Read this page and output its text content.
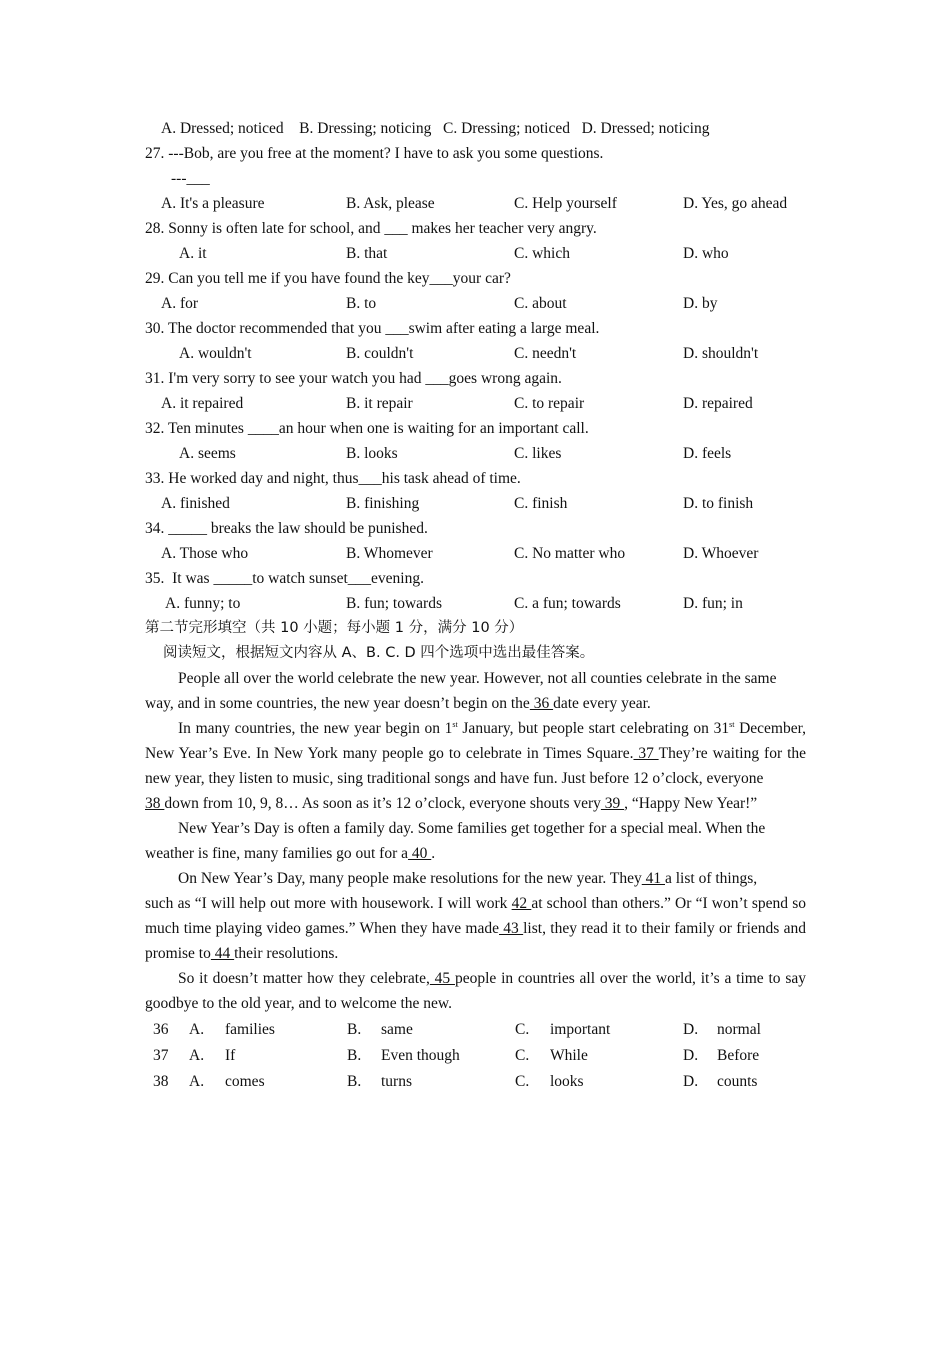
A. Dressed; noticed    B. Dressing; noticing   C. Dressing; noticed   D. Dressed; noticing
27. ---Bob, are you free at the moment? I have to ask you some questions.
---___
A. It's a pleasure	B. Ask, please	C. Help yourself	D. Yes, go ahead
28. Sonny is often late for school, and ___ makes her teacher very angry.
A. it	B. that	C. which	D. who
29. Can you tell me if you have found the key___your car?
A. for	B. to	C. about	D. by
30. The doctor recommended that you ___swim after eating a large meal.
A. wouldn't	B. couldn't	C. needn't	D. shouldn't
31. I'm very sorry to see your watch you had ___goes wrong again.
A. it repaired	B. it repair	C. to repair	D. repaired
32. Ten minutes ____an hour when one is waiting for an important call.
A. seems	B. looks	C. likes	D. feels
33. He worked day and night, thus___his task ahead of time.
A. finished	B. finishing	C. finish	D. to finish
34. _____ breaks the law should be punished.
A. Those who	B. Whomever	C. No matter who	D. Whoever
35.  It was _____to watch sunset___evening.
A. funny; to	B. fun; towards	C. a fun; towards	D. fun; in
第二节完形填空（共 10 小题；每小题 1 分，满分 10 分）
阅读短文，根据短文内容从 A、B. C. D 四个选项中选出最佳答案。
People all over the world celebrate the new year. However, not all counties celebrate in the same
way, and in some countries, the new year doesn’t begin on the 36 date every year.
In many countries, the new year begin on 1st January, but people start celebrating on 31st December, New Year’s Eve. In New York many people go to celebrate in Times Square. 37 They’re waiting for the new year, they listen to music, sing traditional songs and have fun. Just before 12 o’clock, everyone
38 down from 10, 9, 8… As soon as it’s 12 o’clock, everyone shouts very 39 , “Happy New Year!”
New Year’s Day is often a family day. Some families get together for a special meal. When the
weather is fine, many families go out for a 40 .
On New Year’s Day, many people make resolutions for the new year. They 41 a list of things,
such as “I will help out more with housework. I will work 42 at school than others.” Or “I won’t spend so much time playing video games.” When they have made 43 list, they read it to their family or friends and promise to 44 their resolutions.
So it doesn’t matter how they celebrate, 45 people in countries all over the world, it’s a time to say goodbye to the old year, and to welcome the new.
36 A. families	B. same	C. important	D. normal
37 A. If	B. Even though	C. While	D. Before
38 A. comes	B. turns	C. looks	D. counts
